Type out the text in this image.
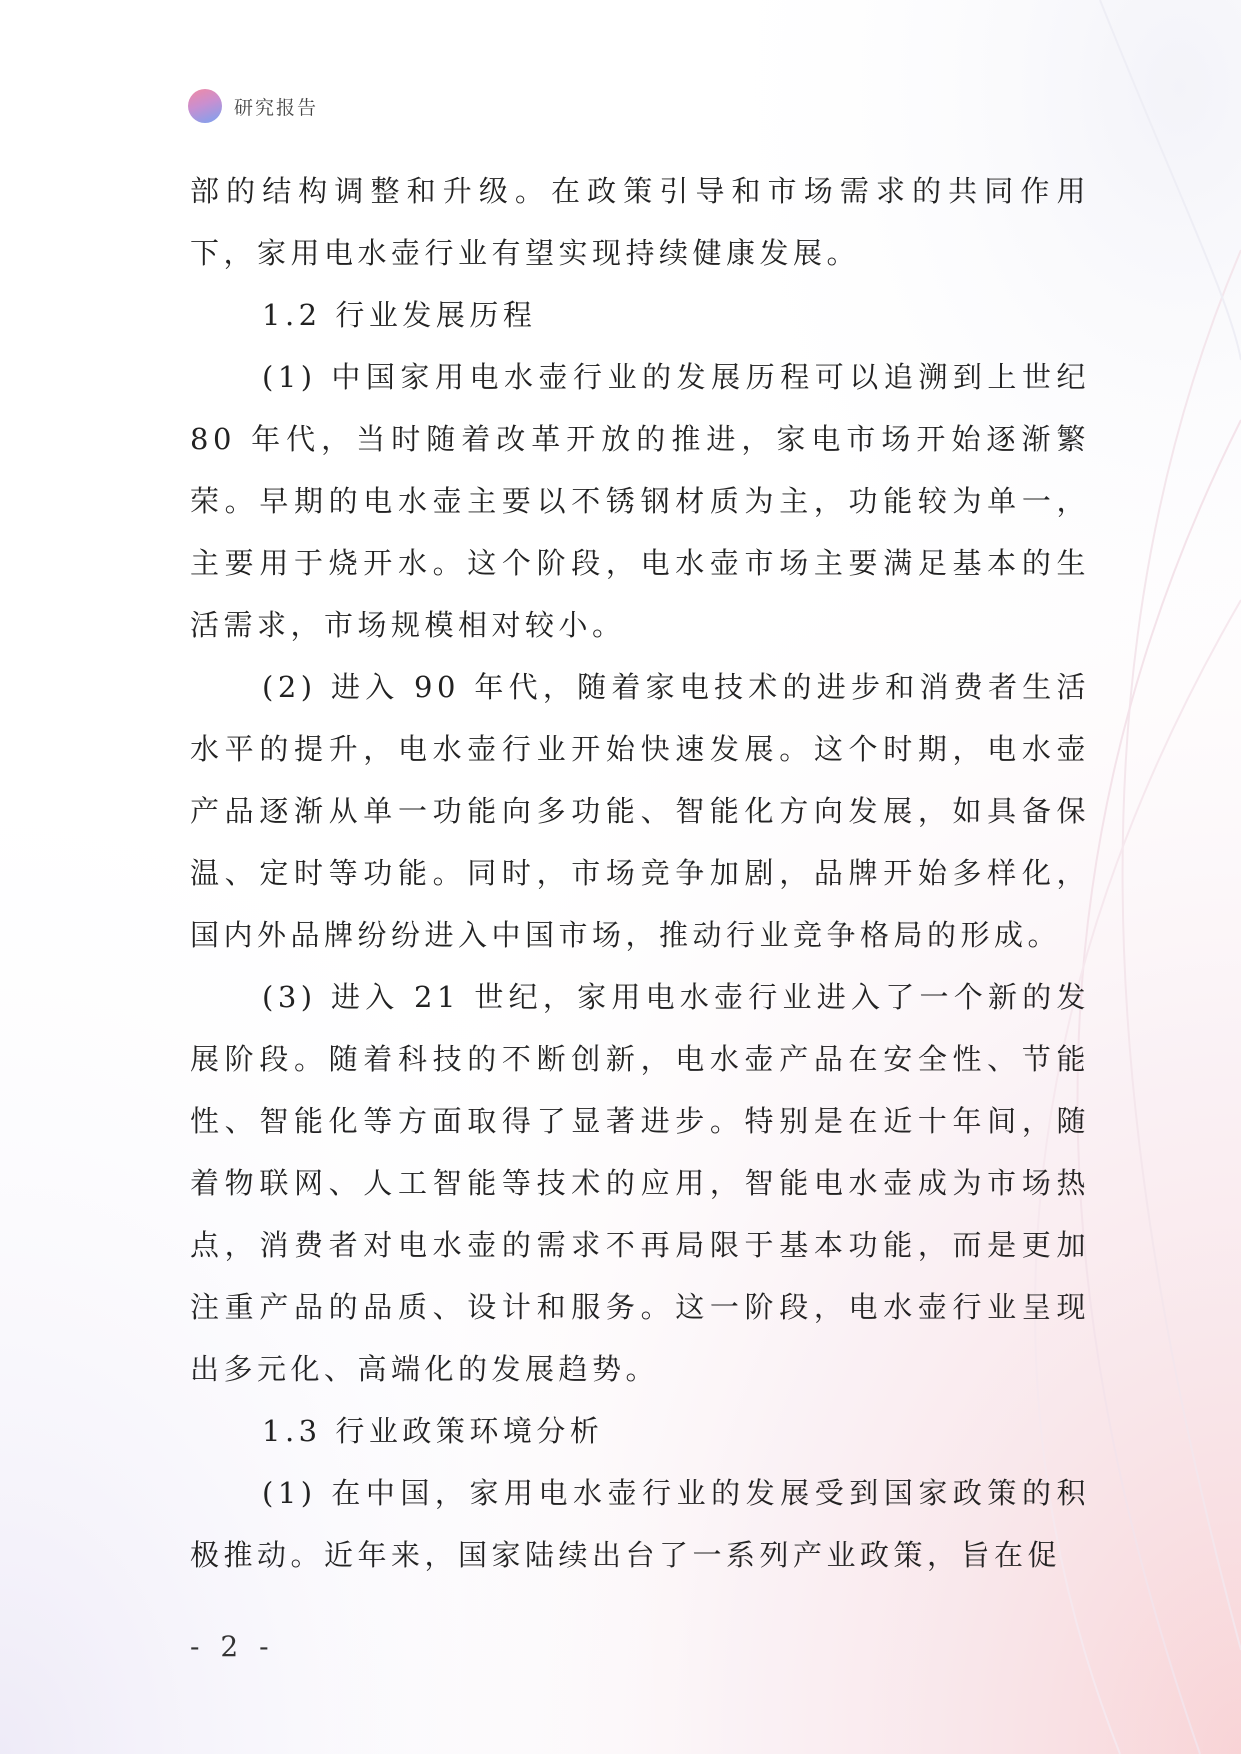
研究报告

部的结构调整和升级。在政策引导和市场需求的共同作用下，家用电水壶行业有望实现持续健康发展。

1.2 行业发展历程

(1) 中国家用电水壶行业的发展历程可以追溯到上世纪 80 年代，当时随着改革开放的推进，家电市场开始逐渐繁荣。早期的电水壶主要以不锈钢材质为主，功能较为单一，主要用于烧开水。这个阶段，电水壶市场主要满足基本的生活需求，市场规模相对较小。

(2) 进入 90 年代，随着家电技术的进步和消费者生活水平的提升，电水壶行业开始快速发展。这个时期，电水壶产品逐渐从单一功能向多功能、智能化方向发展，如具备保温、定时等功能。同时，市场竞争加剧，品牌开始多样化，国内外品牌纷纷进入中国市场，推动行业竞争格局的形成。

(3) 进入 21 世纪，家用电水壶行业进入了一个新的发展阶段。随着科技的不断创新，电水壶产品在安全性、节能性、智能化等方面取得了显著进步。特别是在近十年间，随着物联网、人工智能等技术的应用，智能电水壶成为市场热点，消费者对电水壶的需求不再局限于基本功能，而是更加注重产品的品质、设计和服务。这一阶段，电水壶行业呈现出多元化、高端化的发展趋势。

1.3 行业政策环境分析

(1) 在中国，家用电水壶行业的发展受到国家政策的积极推动。近年来，国家陆续出台了一系列产业政策，旨在促

- 2 -
